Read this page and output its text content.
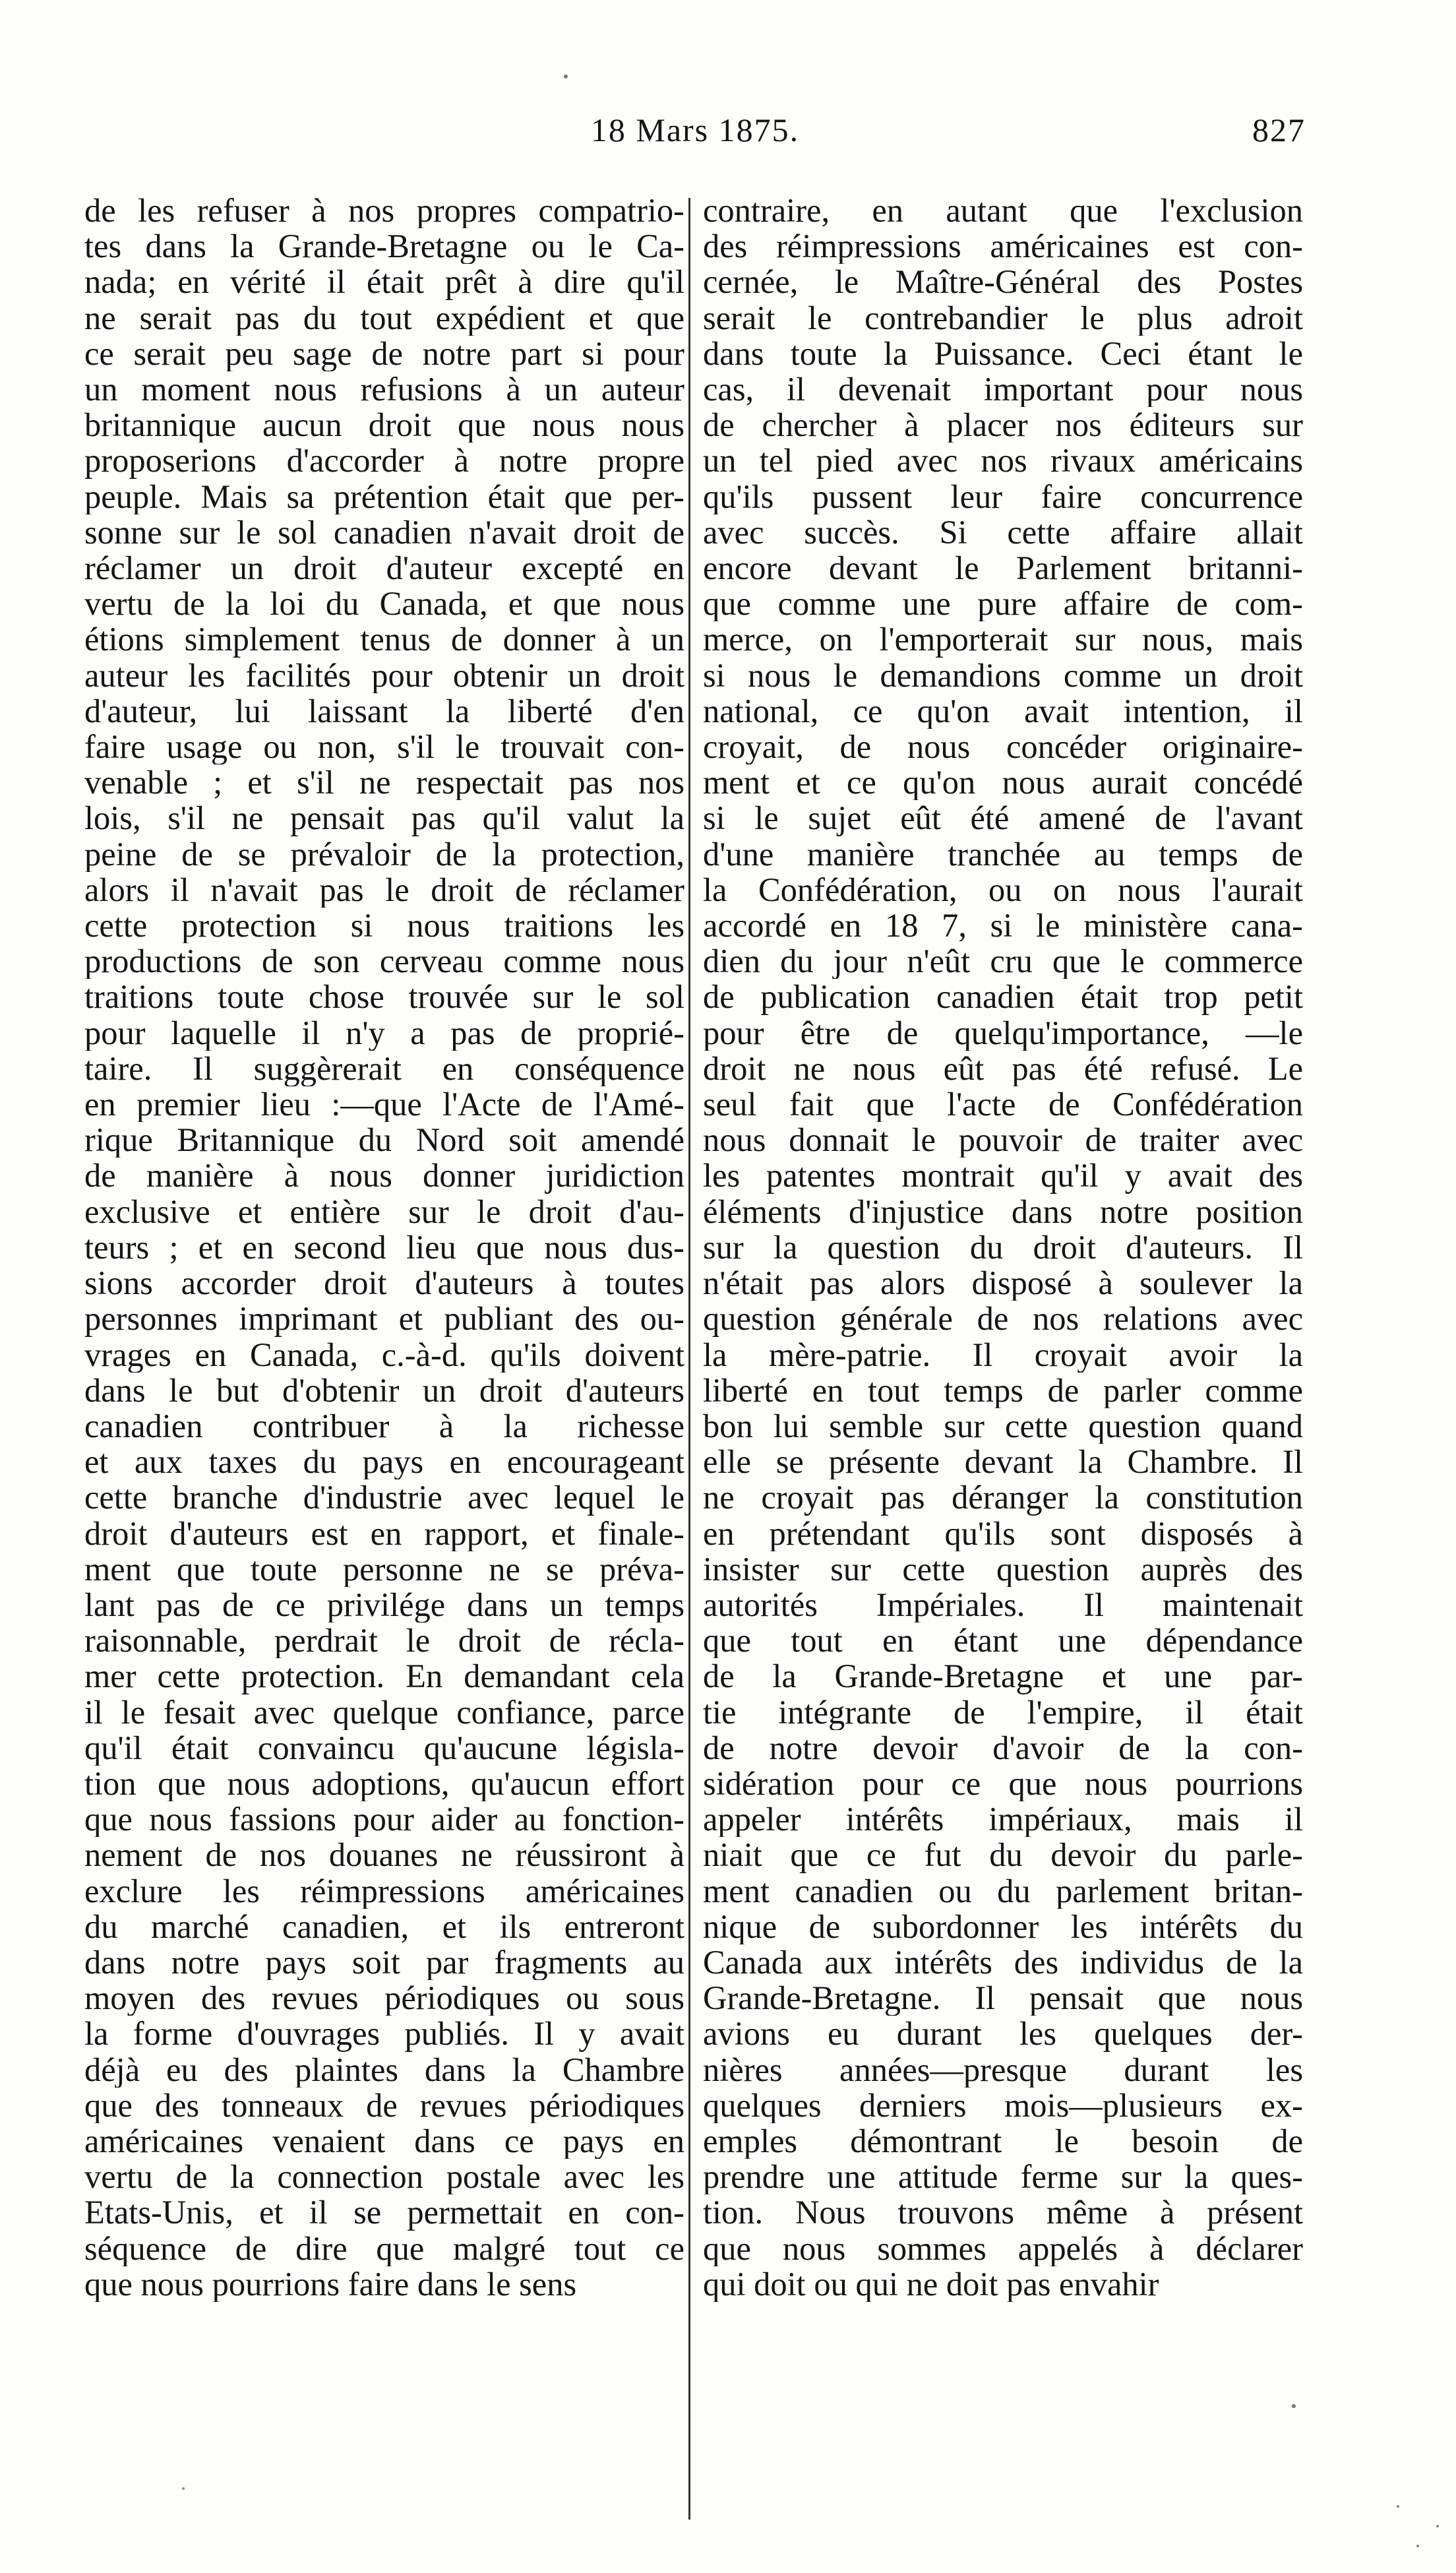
18 Mars 1875.	827
de les refuser à nos propres compatrio-
tes dans la Grande-Bretagne ou le Ca-
nada; en vérité il était prêt à dire qu'il
ne serait pas du tout expédient et que
ce serait peu sage de notre part si pour
un moment nous refusions à un auteur
britannique aucun droit que nous nous
proposerions d'accorder à notre propre
peuple. Mais sa prétention était que per-
sonne sur le sol canadien n'avait droit de
réclamer un droit d'auteur excepté en
vertu de la loi du Canada, et que nous
étions simplement tenus de donner à un
auteur les facilités pour obtenir un droit
d'auteur, lui laissant la liberté d'en
faire usage ou non, s'il le trouvait con-
venable ; et s'il ne respectait pas nos
lois, s'il ne pensait pas qu'il valut la
peine de se prévaloir de la protection,
alors il n'avait pas le droit de réclamer
cette protection si nous traitions les
productions de son cerveau comme nous
traitions toute chose trouvée sur le sol
pour laquelle il n'y a pas de proprié-
taire. Il suggèrerait en conséquence
en premier lieu :—que l'Acte de l'Amé-
rique Britannique du Nord soit amendé
de manière à nous donner juridiction
exclusive et entière sur le droit d'au-
teurs ; et en second lieu que nous dus-
sions accorder droit d'auteurs à toutes
personnes imprimant et publiant des ou-
vrages en Canada, c.-à-d. qu'ils doivent
dans le but d'obtenir un droit d'auteurs
canadien contribuer à la richesse
et aux taxes du pays en encourageant
cette branche d'industrie avec lequel le
droit d'auteurs est en rapport, et finale-
ment que toute personne ne se préva-
lant pas de ce privilége dans un temps
raisonnable, perdrait le droit de récla-
mer cette protection. En demandant cela
il le fesait avec quelque confiance, parce
qu'il était convaincu qu'aucune législa-
tion que nous adoptions, qu'aucun effort
que nous fassions pour aider au fonction-
nement de nos douanes ne réussiront à
exclure les réimpressions américaines
du marché canadien, et ils entreront
dans notre pays soit par fragments au
moyen des revues périodiques ou sous
la forme d'ouvrages publiés. Il y avait
déjà eu des plaintes dans la Chambre
que des tonneaux de revues périodiques
américaines venaient dans ce pays en
vertu de la connection postale avec les
Etats-Unis, et il se permettait en con-
séquence de dire que malgré tout ce
que nous pourrions faire dans le sens
contraire, en autant que l'exclusion
des réimpressions américaines est con-
cernée, le Maître-Général des Postes
serait le contrebandier le plus adroit
dans toute la Puissance. Ceci étant le
cas, il devenait important pour nous
de chercher à placer nos éditeurs sur
un tel pied avec nos rivaux américains
qu'ils pussent leur faire concurrence
avec succès. Si cette affaire allait
encore devant le Parlement britanni-
que comme une pure affaire de com-
merce, on l'emporterait sur nous, mais
si nous le demandions comme un droit
national, ce qu'on avait intention, il
croyait, de nous concéder originaire-
ment et ce qu'on nous aurait concédé
si le sujet eût été amené de l'avant
d'une manière tranchée au temps de
la Confédération, ou on nous l'aurait
accordé en 18 7, si le ministère cana-
dien du jour n'eût cru que le commerce
de publication canadien était trop petit
pour être de quelqu'importance, —le
droit ne nous eût pas été refusé. Le
seul fait que l'acte de Confédération
nous donnait le pouvoir de traiter avec
les patentes montrait qu'il y avait des
éléments d'injustice dans notre position
sur la question du droit d'auteurs. Il
n'était pas alors disposé à soulever la
question générale de nos relations avec
la mère-patrie. Il croyait avoir la
liberté en tout temps de parler comme
bon lui semble sur cette question quand
elle se présente devant la Chambre. Il
ne croyait pas déranger la constitution
en prétendant qu'ils sont disposés à
insister sur cette question auprès des
autorités Impériales. Il maintenait
que tout en étant une dépendance
de la Grande-Bretagne et une par-
tie intégrante de l'empire, il était
de notre devoir d'avoir de la con-
sidération pour ce que nous pourrions
appeler intérêts impériaux, mais il
niait que ce fut du devoir du parle-
ment canadien ou du parlement britan-
nique de subordonner les intérêts du
Canada aux intérêts des individus de la
Grande-Bretagne. Il pensait que nous
avions eu durant les quelques der-
nières années—presque durant les
quelques derniers mois—plusieurs ex-
emples démontrant le besoin de
prendre une attitude ferme sur la ques-
tion. Nous trouvons même à présent
que nous sommes appelés à déclarer
qui doit ou qui ne doit pas envahir
